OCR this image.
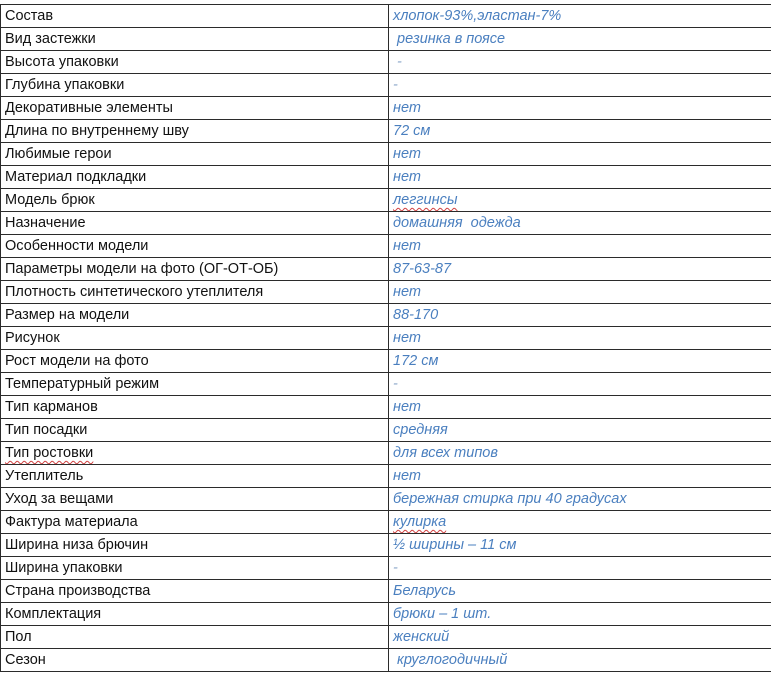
Состав	хлопок-93%,эластан-7%
Вид застежки	резинка в поясе
Высота упаковки	-
Глубина упаковки	-
Декоративные элементы	нет
Длина по внутреннему шву	72 см
Любимые герои	нет
Материал подкладки	нет
Модель брюк	леггинсы
Назначение	домашняя  одежда
Особенности модели	нет
Параметры модели на фото (ОГ-ОТ-ОБ)	87-63-87
Плотность синтетического утеплителя	нет
Размер на модели	88-170
Рисунок	нет
Рост модели на фото	172 см
Температурный режим	-
Тип карманов	нет
Тип посадки	средняя
Тип ростовки	для всех типов
Утеплитель	нет
Уход за вещами	бережная стирка при 40 градусах
Фактура материала	кулирка
Ширина низа брючин	½ ширины – 11 см
Ширина упаковки	-
Страна производства	Беларусь
Комплектация	брюки – 1 шт.
Пол	женский
Сезон	круглогодичный
